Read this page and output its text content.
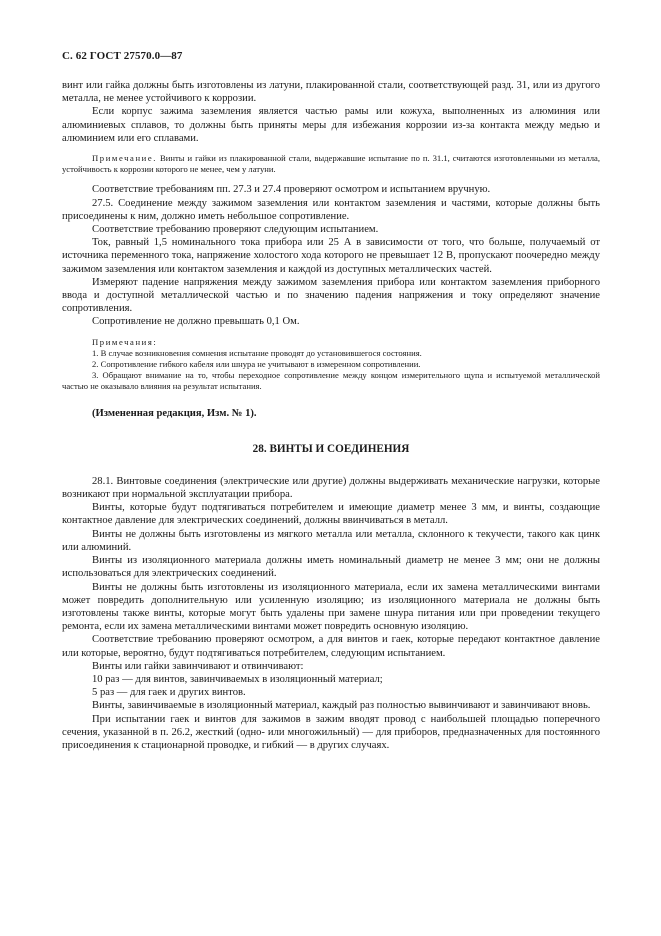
С. 62 ГОСТ 27570.0—87

винт или гайка должны быть изготовлены из латуни, плакированной стали, соответствующей разд. 31, или из другого металла, не менее устойчивого к коррозии.

Если корпус зажима заземления является частью рамы или кожуха, выполненных из алюминия или алюминиевых сплавов, то должны быть приняты меры для избежания коррозии из-за контакта между медью и алюминием или его сплавами.

Примечание. Винты и гайки из плакированной стали, выдержавшие испытание по п. 31.1, считаются изготовленными из металла, устойчивость к коррозии которого не менее, чем у латуни.

Соответствие требованиям пп. 27.3 и 27.4 проверяют осмотром и испытанием вручную.

27.5. Соединение между зажимом заземления или контактом заземления и частями, которые должны быть присоединены к ним, должно иметь небольшое сопротивление.

Соответствие требованию проверяют следующим испытанием.

Ток, равный 1,5 номинального тока прибора или 25 А в зависимости от того, что больше, получаемый от источника переменного тока, напряжение холостого хода которого не превышает 12 В, пропускают поочередно между зажимом заземления или контактом заземления и каждой из доступных металлических частей.

Измеряют падение напряжения между зажимом заземления прибора или контактом заземления приборного ввода и доступной металлической частью и по значению падения напряжения и току определяют значение сопротивления.

Сопротивление не должно превышать 0,1 Ом.

Примечания:

1. В случае возникновения сомнения испытание проводят до установившегося состояния.

2. Сопротивление гибкого кабеля или шнура не учитывают в измеренном сопротивлении.

3. Обращают внимание на то, чтобы переходное сопротивление между концом измерительного щупа и испытуемой металлической частью не оказывало влияния на результат испытания.

(Измененная редакция, Изм. № 1).

28. ВИНТЫ И СОЕДИНЕНИЯ

28.1. Винтовые соединения (электрические или другие) должны выдерживать механические нагрузки, которые возникают при нормальной эксплуатации прибора.

Винты, которые будут подтягиваться потребителем и имеющие диаметр менее 3 мм, и винты, создающие контактное давление для электрических соединений, должны ввинчиваться в металл.

Винты не должны быть изготовлены из мягкого металла или металла, склонного к текучести, такого как цинк или алюминий.

Винты из изоляционного материала должны иметь номинальный диаметр не менее 3 мм; они не должны использоваться для электрических соединений.

Винты не должны быть изготовлены из изоляционного материала, если их замена металлическими винтами может повредить дополнительную или усиленную изоляцию; из изоляционного материала не должны быть изготовлены также винты, которые могут быть удалены при замене шнура питания или при проведении текущего ремонта, если их замена металлическими винтами может повредить основную изоляцию.

Соответствие требованию проверяют осмотром, а для винтов и гаек, которые передают контактное давление или которые, вероятно, будут подтягиваться потребителем, следующим испытанием.

Винты или гайки завинчивают и отвинчивают:

10 раз — для винтов, завинчиваемых в изоляционный материал;

5 раз — для гаек и других винтов.

Винты, завинчиваемые в изоляционный материал, каждый раз полностью вывинчивают и завинчивают вновь.

При испытании гаек и винтов для зажимов в зажим вводят провод с наибольшей площадью поперечного сечения, указанной в п. 26.2, жесткий (одно- или многожильный) — для приборов, предназначенных для постоянного присоединения к стационарной проводке, и гибкий — в других случаях.
